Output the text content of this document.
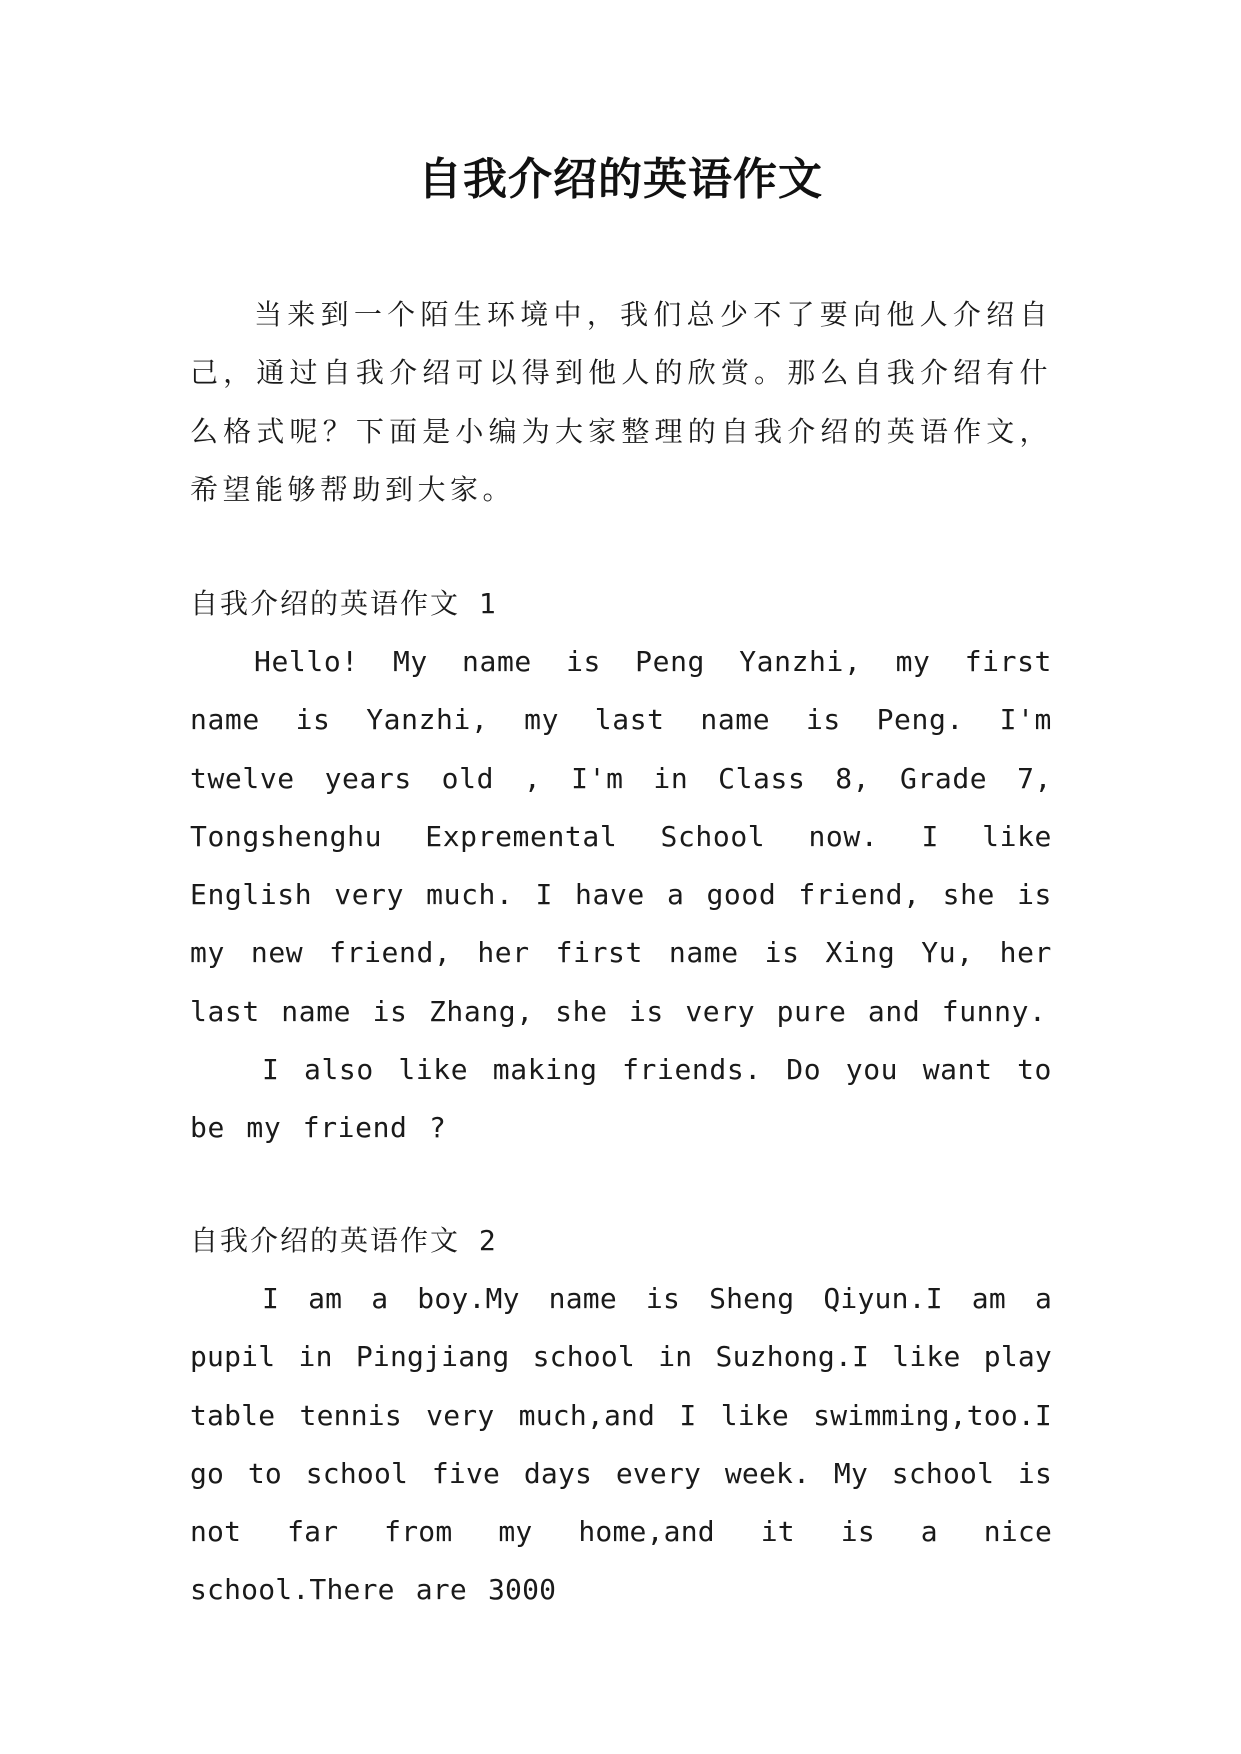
自我介绍的英语作文

当来到一个陌生环境中，我们总少不了要向他人介绍自己，通过自我介绍可以得到他人的欣赏。那么自我介绍有什么格式呢？下面是小编为大家整理的自我介绍的英语作文，希望能够帮助到大家。

自我介绍的英语作文 1

Hello! My name is Peng Yanzhi, my first name is Yanzhi, my last name is Peng. I'm twelve years old , I'm in Class 8, Grade 7, Tongshenghu Expremental School now. I like English very much. I have a good friend, she is my new friend, her first name is Xing Yu, her last name is Zhang, she is very pure and funny.

I also like making friends. Do you want to be my friend ?

自我介绍的英语作文 2

I am a boy.My name is Sheng Qiyun.I am a pupil in Pingjiang school in Suzhong.I like play table tennis very much,and I like swimming,too.I go to school five days every week. My school is not far from my home,and it is a nice school.There are 3000
